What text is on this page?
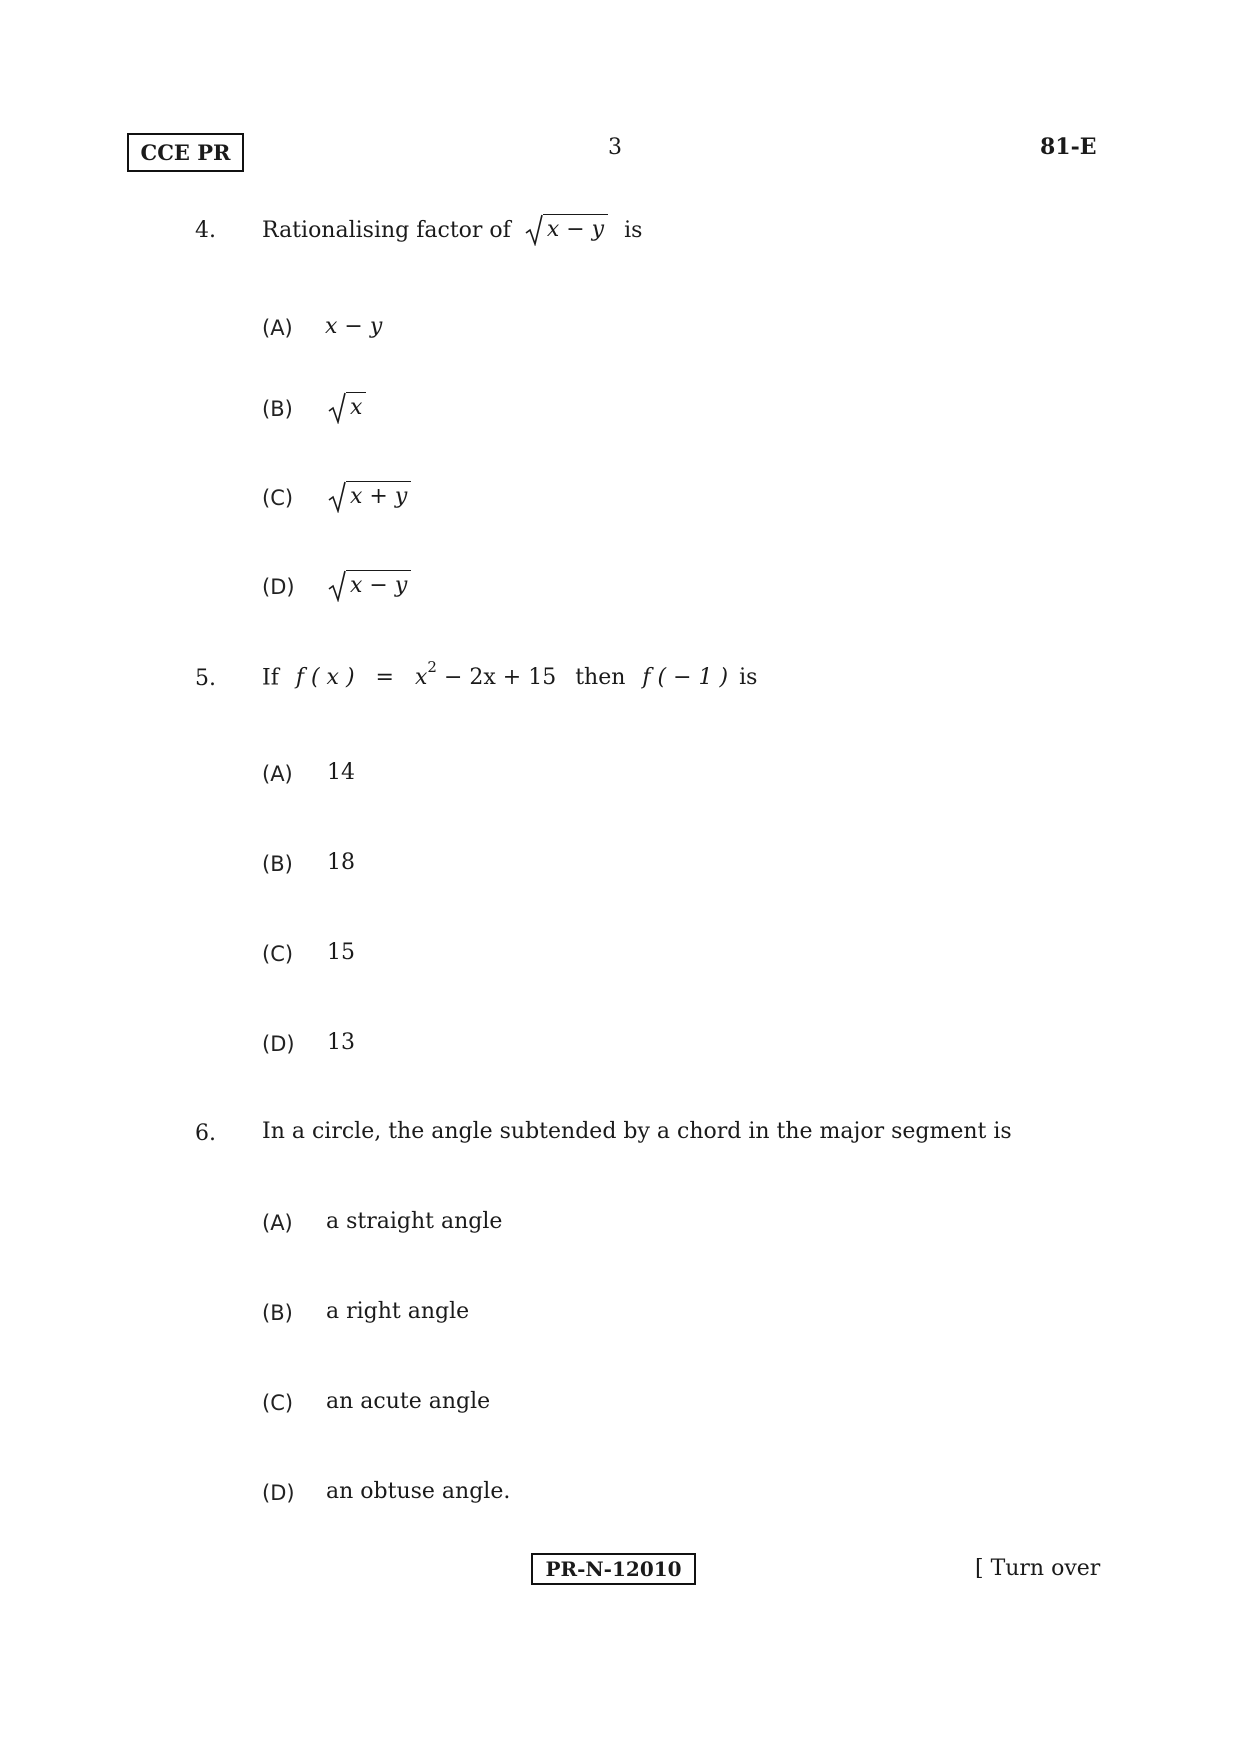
CCE PR	3	81-E
4. Rationalising factor of x − y is
(A) x − y
(B)	x
(C)	x + y
(D)	x − y
5. If f ( x ) = $x^2 - 2x + 15$ then f ( − 1 ) is
(A) 14
(B) 18
(C) 15
(D) 13
6. In a circle, the angle subtended by a chord in the major segment is
(A) a straight angle
(B) a right angle
(C) an acute angle
(D) an obtuse angle.
PR-N-12010	[ Turn over
